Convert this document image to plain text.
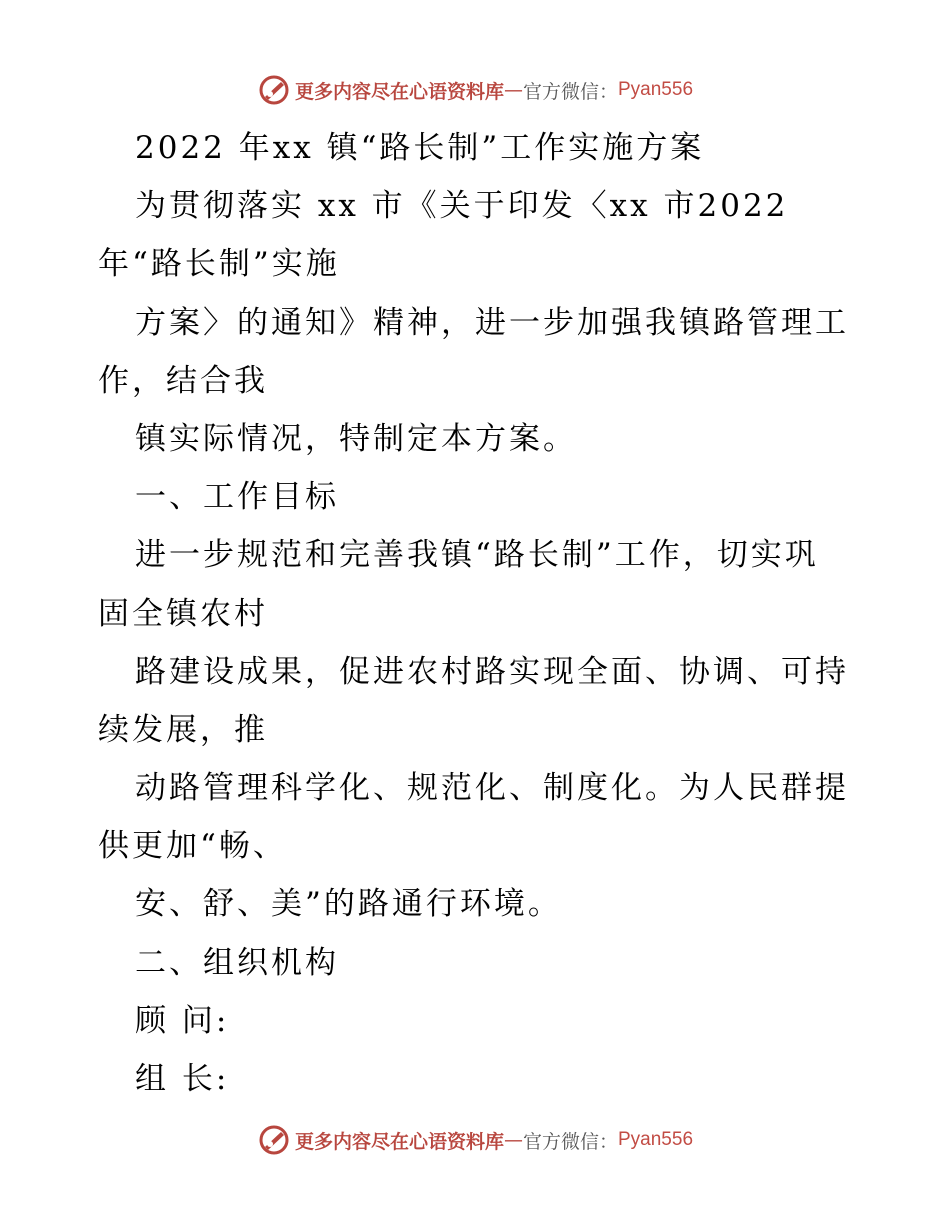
更多内容尽在心语资料库 — 官方微信： Pyan556
2022 年xx 镇“路长制”工作实施方案
为贯彻落实 xx 市《关于印发〈xx 市2022
年“路长制”实施
方案〉的通知》精神，进一步加强我镇路管理工
作，结合我
镇实际情况，特制定本方案。
一、工作目标
进一步规范和完善我镇“路长制”工作，切实巩
固全镇农村
路建设成果，促进农村路实现全面、协调、可持
续发展，推
动路管理科学化、规范化、制度化。为人民群提
供更加“畅、
安、舒、美”的路通行环境。
二、组织机构
顾 问:
组 长:
更多内容尽在心语资料库 — 官方微信： Pyan556
